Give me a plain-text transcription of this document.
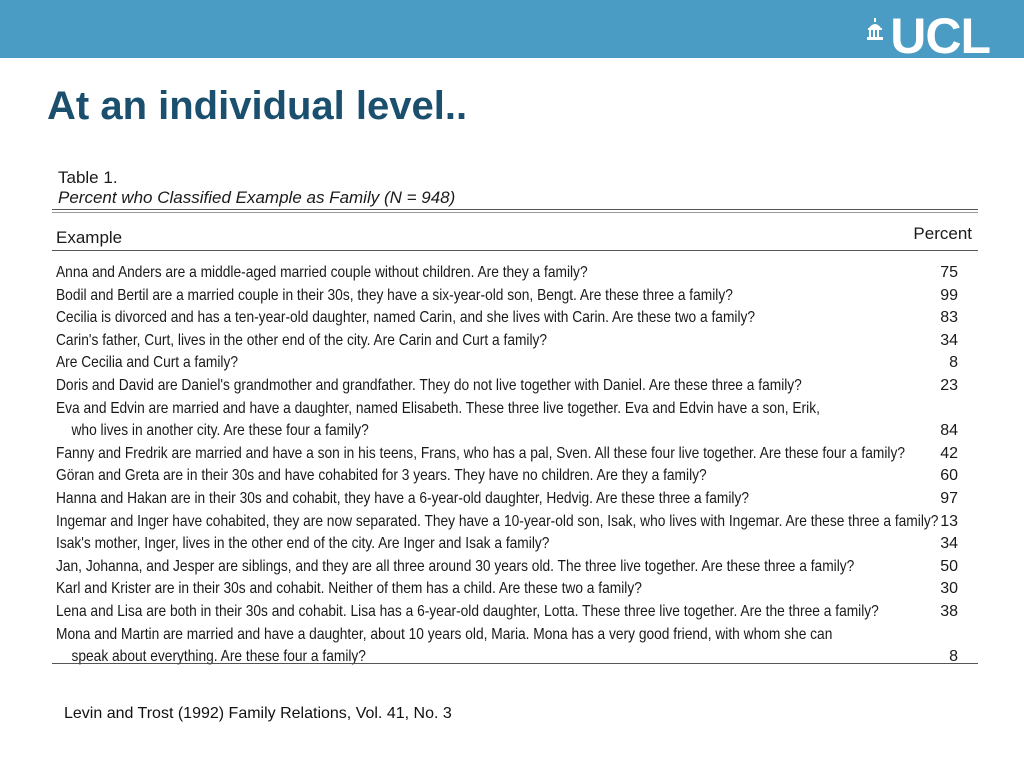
UCL
At an individual level..
Table 1.
Percent who Classified Example as Family (N = 948)
Example	Percent
Anna and Anders are a middle-aged married couple without children. Are they a family?	75
Bodil and Bertil are a married couple in their 30s, they have a six-year-old son, Bengt. Are these three a family?	99
Cecilia is divorced and has a ten-year-old daughter, named Carin, and she lives with Carin. Are these two a family?	83
Carin's father, Curt, lives in the other end of the city. Are Carin and Curt a family?	34
Are Cecilia and Curt a family?	8
Doris and David are Daniel's grandmother and grandfather. They do not live together with Daniel. Are these three a family?	23
Eva and Edvin are married and have a daughter, named Elisabeth. These three live together. Eva and Edvin have a son, Erik,
who lives in another city. Are these four a family?	84
Fanny and Fredrik are married and have a son in his teens, Frans, who has a pal, Sven. All these four live together. Are these four a family?	42
Göran and Greta are in their 30s and have cohabited for 3 years. They have no children. Are they a family?	60
Hanna and Hakan are in their 30s and cohabit, they have a 6-year-old daughter, Hedvig. Are these three a family?	97
Ingemar and Inger have cohabited, they are now separated. They have a 10-year-old son, Isak, who lives with Ingemar. Are these three a family? 13
Isak's mother, Inger, lives in the other end of the city. Are Inger and Isak a family?	34
Jan, Johanna, and Jesper are siblings, and they are all three around 30 years old. The three live together. Are these three a family?	50
Karl and Krister are in their 30s and cohabit. Neither of them has a child. Are these two a family?	30
Lena and Lisa are both in their 30s and cohabit. Lisa has a 6-year-old daughter, Lotta. These three live together. Are the three a family?	38
Mona and Martin are married and have a daughter, about 10 years old, Maria. Mona has a very good friend, with whom she can
speak about everything. Are these four a family?	8
Levin and Trost (1992) Family Relations, Vol. 41, No. 3
